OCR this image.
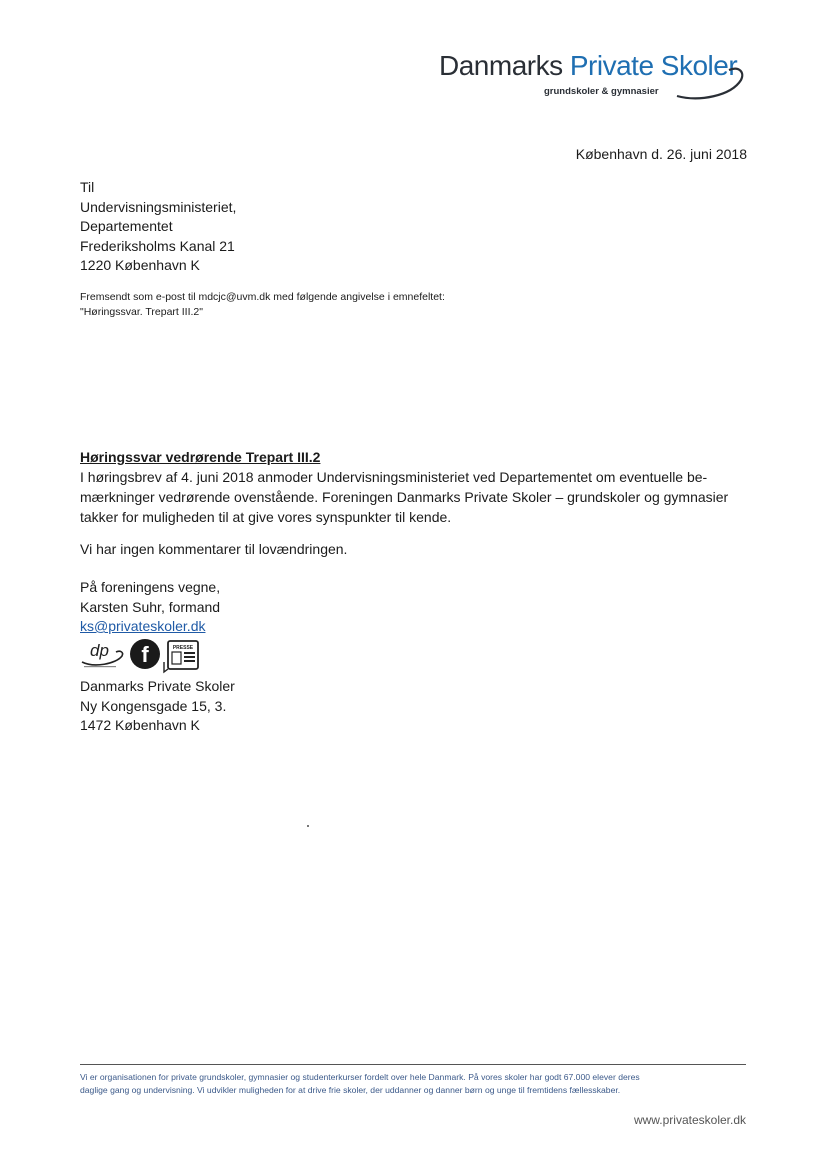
Danmarks Private Skoler
grundskoler & gymnasier
København d. 26. juni 2018
Til
Undervisningsministeriet,
Departementet
Frederiksholms Kanal 21
1220 København K
Fremsendt som e-post til mdcjc@uvm.dk med følgende angivelse i emnefeltet:
"Høringssvar. Trepart III.2"
Høringssvar vedrørende Trepart III.2
I høringsbrev af 4. juni 2018 anmoder Undervisningsministeriet ved Departementet om eventuelle be-
mærkninger vedrørende ovenstående. Foreningen Danmarks Private Skoler – grundskoler og gymnasier
takker for muligheden til at give vores synspunkter til kende.
Vi har ingen kommentarer til lovændringen.
På foreningens vegne,
Karsten Suhr, formand
ks@privateskoler.dk
dp f	PRESSE
Danmarks Private Skoler
Ny Kongensgade 15, 3.
1472 København K
Vi er organisationen for private grundskoler, gymnasier og studenterkurser fordelt over hele Danmark. På vores skoler har godt 67.000 elever deres
daglige gang og undervisning. Vi udvikler muligheden for at drive frie skoler, der uddanner og danner børn og unge til fremtidens fællesskaber.
www.privateskoler.dk
